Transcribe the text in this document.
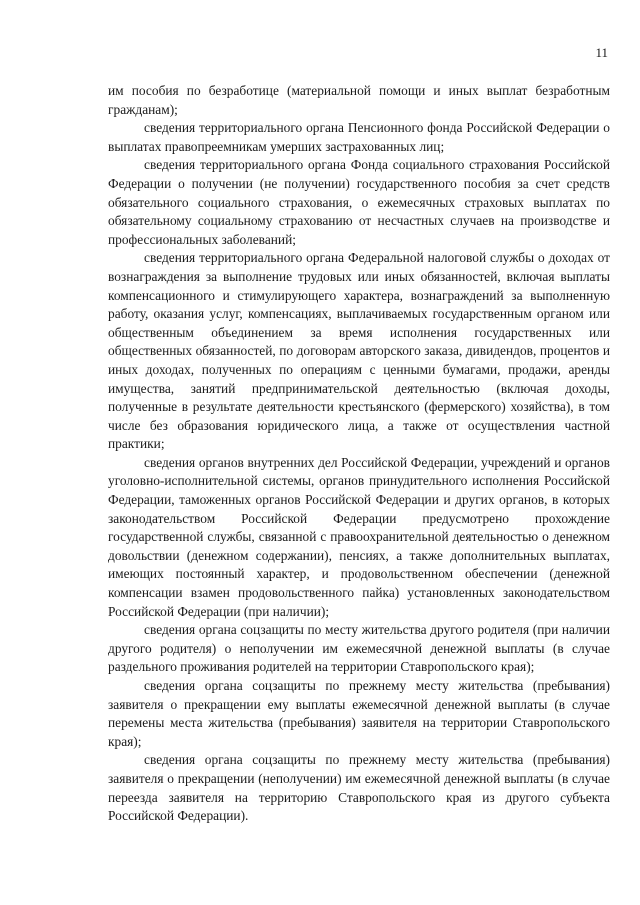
11

им пособия по безработице (материальной помощи и иных выплат безработным гражданам);

сведения территориального органа Пенсионного фонда Российской Федерации о выплатах правопреемникам умерших застрахованных лиц;

сведения территориального органа Фонда социального страхования Российской Федерации о получении (не получении) государственного пособия за счет средств обязательного социального страхования, о ежемесячных страховых выплатах по обязательному социальному страхованию от несчастных случаев на производстве и профессиональных заболеваний;

сведения территориального органа Федеральной налоговой службы о доходах от вознаграждения за выполнение трудовых или иных обязанностей, включая выплаты компенсационного и стимулирующего характера, вознаграждений за выполненную работу, оказания услуг, компенсациях, выплачиваемых государственным органом или общественным объединением за время исполнения государственных или общественных обязанностей, по договорам авторского заказа, дивидендов, процентов и иных доходах, полученных по операциям с ценными бумагами, продажи, аренды имущества, занятий предпринимательской деятельностью (включая доходы, полученные в результате деятельности крестьянского (фермерского) хозяйства), в том числе без образования юридического лица, а также от осуществления частной практики;

сведения органов внутренних дел Российской Федерации, учреждений и органов уголовно-исполнительной системы, органов принудительного исполнения Российской Федерации, таможенных органов Российской Федерации и других органов, в которых законодательством Российской Федерации предусмотрено прохождение государственной службы, связанной с правоохранительной деятельностью о денежном довольствии (денежном содержании), пенсиях, а также дополнительных выплатах, имеющих постоянный характер, и продовольственном обеспечении (денежной компенсации взамен продовольственного пайка) установленных законодательством Российской Федерации (при наличии);

сведения органа соцзащиты по месту жительства другого родителя (при наличии другого родителя) о неполучении им ежемесячной денежной выплаты (в случае раздельного проживания родителей на территории Ставропольского края);

сведения органа соцзащиты по прежнему месту жительства (пребывания) заявителя о прекращении ему выплаты ежемесячной денежной выплаты (в случае перемены места жительства (пребывания) заявителя на территории Ставропольского края);

сведения органа соцзащиты по прежнему месту жительства (пребывания) заявителя о прекращении (неполучении) им ежемесячной денежной выплаты (в случае переезда заявителя на территорию Ставропольского края из другого субъекта Российской Федерации).
